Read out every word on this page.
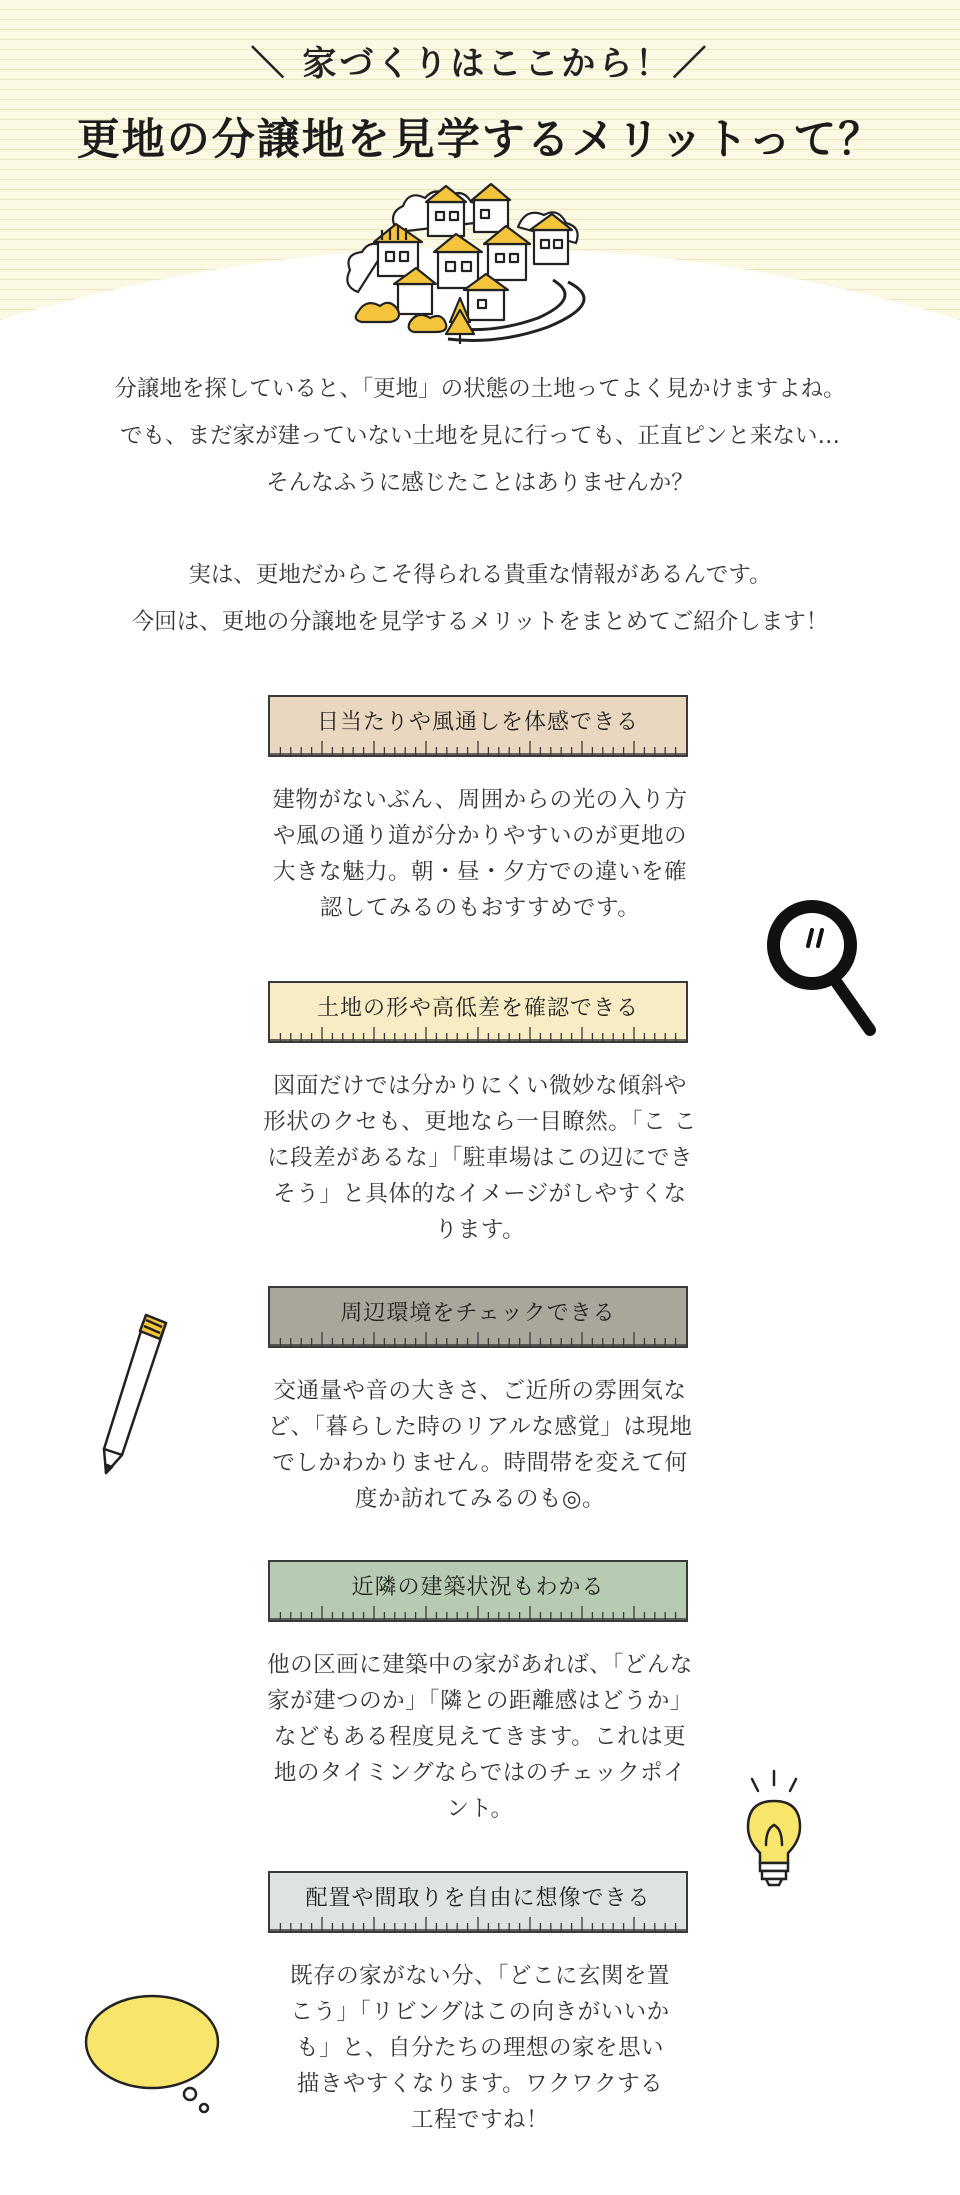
＼ 家づくりはここから！／
更地の分譲地を見学するメリットって？

分譲地を探していると、「更地」の状態の土地ってよく見かけますよね。

でも、まだ家が建っていない土地を見に行っても、正直ピンと来ない…

そんなふうに感じたことはありませんか？

実は、更地だからこそ得られる貴重な情報があるんです。

今回は、更地の分譲地を見学するメリットをまとめてご紹介します！

日当たりや風通しを体感できる

建物がないぶん、周囲からの光の入り方

や風の通り道が分かりやすいのが更地の

大きな魅力。朝・昼・夕方での違いを確

認してみるのもおすすめです。

土地の形や高低差を確認できる

図面だけでは分かりにくい微妙な傾斜や

形状のクセも、更地なら一目瞭然。「こ こ

に段差があるな」「駐車場はこの辺にでき

そう」と具体的なイメージがしやすくな

ります。

周辺環境をチェックできる

交通量や音の大きさ、ご近所の雰囲気な

ど、「暮らした時のリアルな感覚」は現地

でしかわかりません。時間帯を変えて何

度か訪れてみるのも◎。

近隣の建築状況もわかる

他の区画に建築中の家があれば、「どんな

家が建つのか」「隣との距離感はどうか」

などもある程度見えてきます。これは更

地のタイミングならではのチェックポイ

ント。

配置や間取りを自由に想像できる

既存の家がない分、「どこに玄関を置

こう」「リビングはこの向きがいいか

も」と、自分たちの理想の家を思い

描きやすくなります。ワクワクする

工程ですね！
